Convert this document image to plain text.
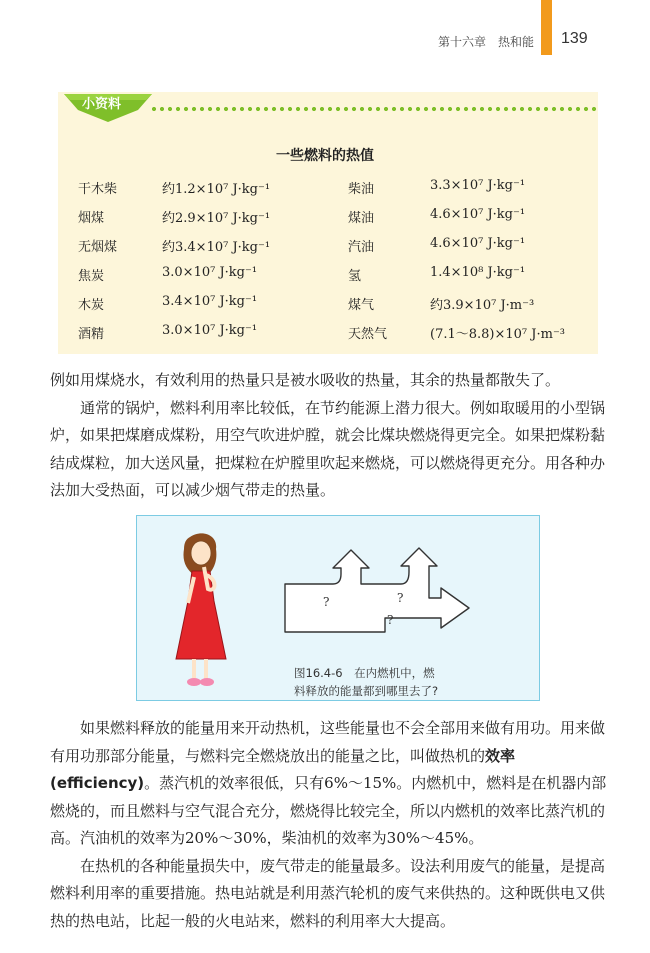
第十六章　热和能 139
小资料
一些燃料的热值
干木柴	约1.2×10⁷ J·kg⁻¹	柴油	3.3×10⁷ J·kg⁻¹
烟煤	约2.9×10⁷ J·kg⁻¹	煤油	4.6×10⁷ J·kg⁻¹
无烟煤	约3.4×10⁷ J·kg⁻¹	汽油	4.6×10⁷ J·kg⁻¹
焦炭	3.0×10⁷ J·kg⁻¹	氢	1.4×10⁸ J·kg⁻¹
木炭	3.4×10⁷ J·kg⁻¹	煤气	约3.9×10⁷ J·m⁻³
酒精	3.0×10⁷ J·kg⁻¹	天然气	(7.1～8.8)×10⁷ J·m⁻³

例如用煤烧水，有效利用的热量只是被水吸收的热量，其余的热量都散失了。

通常的锅炉，燃料利用率比较低，在节约能源上潜力很大。例如取暖用的小型锅炉，如果把煤磨成煤粉，用空气吹进炉膛，就会比煤块燃烧得更完全。如果把煤粉黏结成煤粒，加大送风量，把煤粒在炉膛里吹起来燃烧，可以燃烧得更充分。用各种办法加大受热面，可以减少烟气带走的热量。

?	?
?
图16.4-6　在内燃机中，燃
料释放的能量都到哪里去了?

如果燃料释放的能量用来开动热机，这些能量也不会全部用来做有用功。用来做有用功那部分能量，与燃料完全燃烧放出的能量之比，叫做热机的效率(efficiency)。蒸汽机的效率很低，只有6%～15%。内燃机中，燃料是在机器内部燃烧的，而且燃料与空气混合充分，燃烧得比较完全，所以内燃机的效率比蒸汽机的高。汽油机的效率为20%～30%，柴油机的效率为30%～45%。

在热机的各种能量损失中，废气带走的能量最多。设法利用废气的能量，是提高燃料利用率的重要措施。热电站就是利用蒸汽轮机的废气来供热的。这种既供电又供热的热电站，比起一般的火电站来，燃料的利用率大大提高。
